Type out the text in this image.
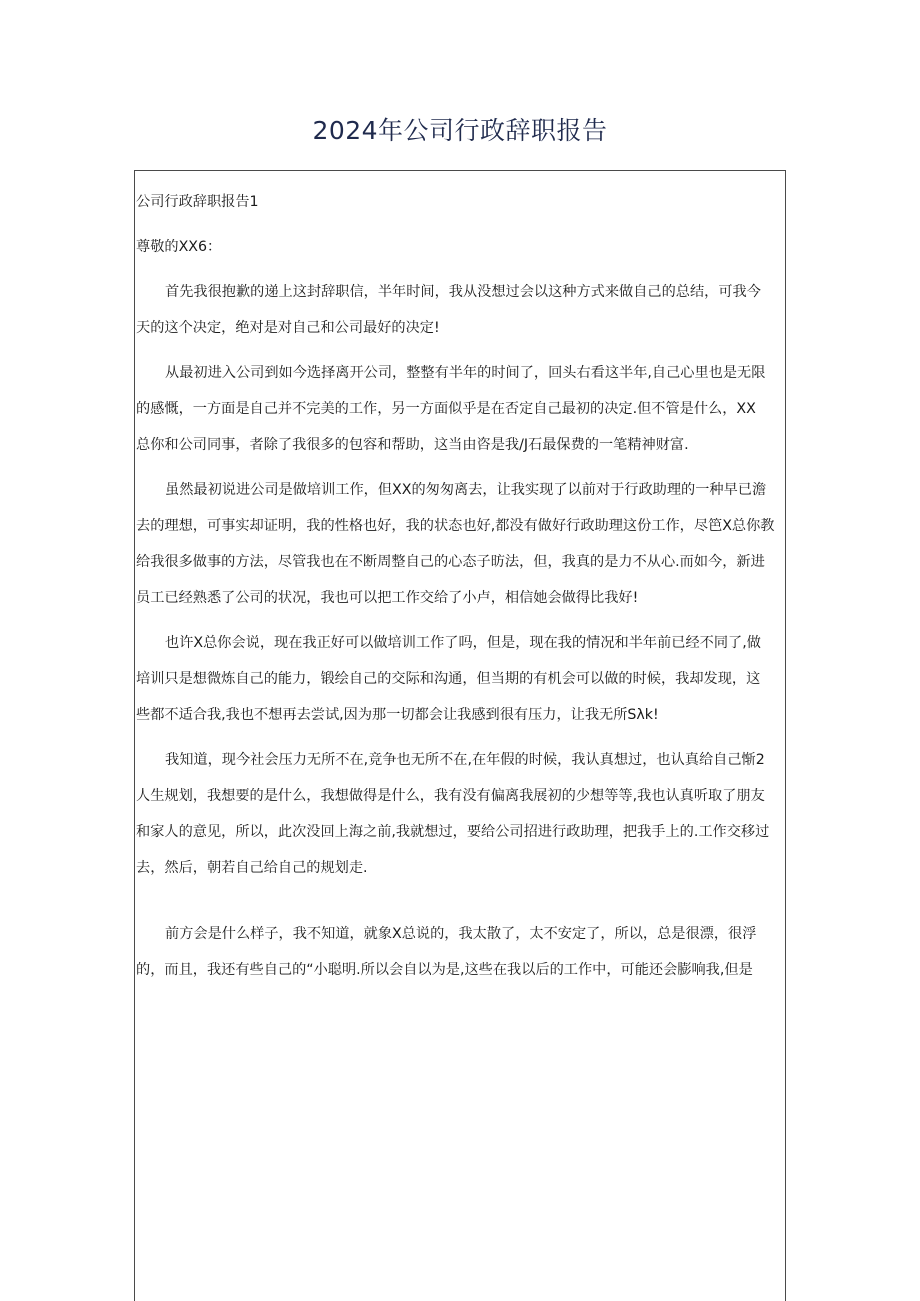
2024年公司行政辞职报告
公司行政辞职报告1
尊敬的XX6：
首先我很抱歉的递上这封辞职信，半年时间，我从没想过会以这种方式来做自己的总结，可我今
天的这个决定，绝对是对自己和公司最好的决定!
从最初进入公司到如今选择离开公司，整整有半年的时间了，回头右看这半年,自己心里也是无限
的感慨，一方面是自己并不完美的工作，另一方面似乎是在否定自己最初的决定.但不管是什么，XX
总你和公司同事，者除了我很多的包容和帮助，这当由咨是我/J石最保费的一笔精神财富.
虽然最初说进公司是做培训工作，但XX的匆匆离去，让我实现了以前对于行政助理的一种早已澹
去的理想，可事实却证明，我的性格也好，我的状态也好,都没有做好行政助理这份工作，尽笆X总你教
给我很多做事的方法，尽管我也在不断周整自己的心态子昉法，但，我真的是力不从心.而如今，新进
员工已经熟悉了公司的状况，我也可以把工作交给了小卢，相信她会做得比我好!
也许X总你会说，现在我正好可以做培训工作了吗，但是，现在我的情况和半年前已经不同了,做
培训只是想微炼自己的能力，锻绘自己的交际和沟通，但当期的有机会可以做的时候，我却发现，这
些都不适合我,我也不想再去尝试,因为那一切都会让我感到很有压力，让我无所Sλk!
我知道，现今社会压力无所不在,竞争也无所不在,在年假的时候，我认真想过，也认真给自己惭2
人生规划，我想要的是什么，我想做得是什么，我有没有偏离我展初的少想等等,我也认真听取了朋友
和家人的意见，所以，此次没回上海之前,我就想过，要给公司招进行政助理，把我手上的.工作交移过
去，然后，朝若自己给自己的规划走.
前方会是什么样子，我不知道，就象X总说的，我太散了，太不安定了，所以，总是很漂，很浮
的，而且，我还有些自己的“小聪明.所以会自以为是,这些在我以后的工作中，可能还会膨响我,但是
